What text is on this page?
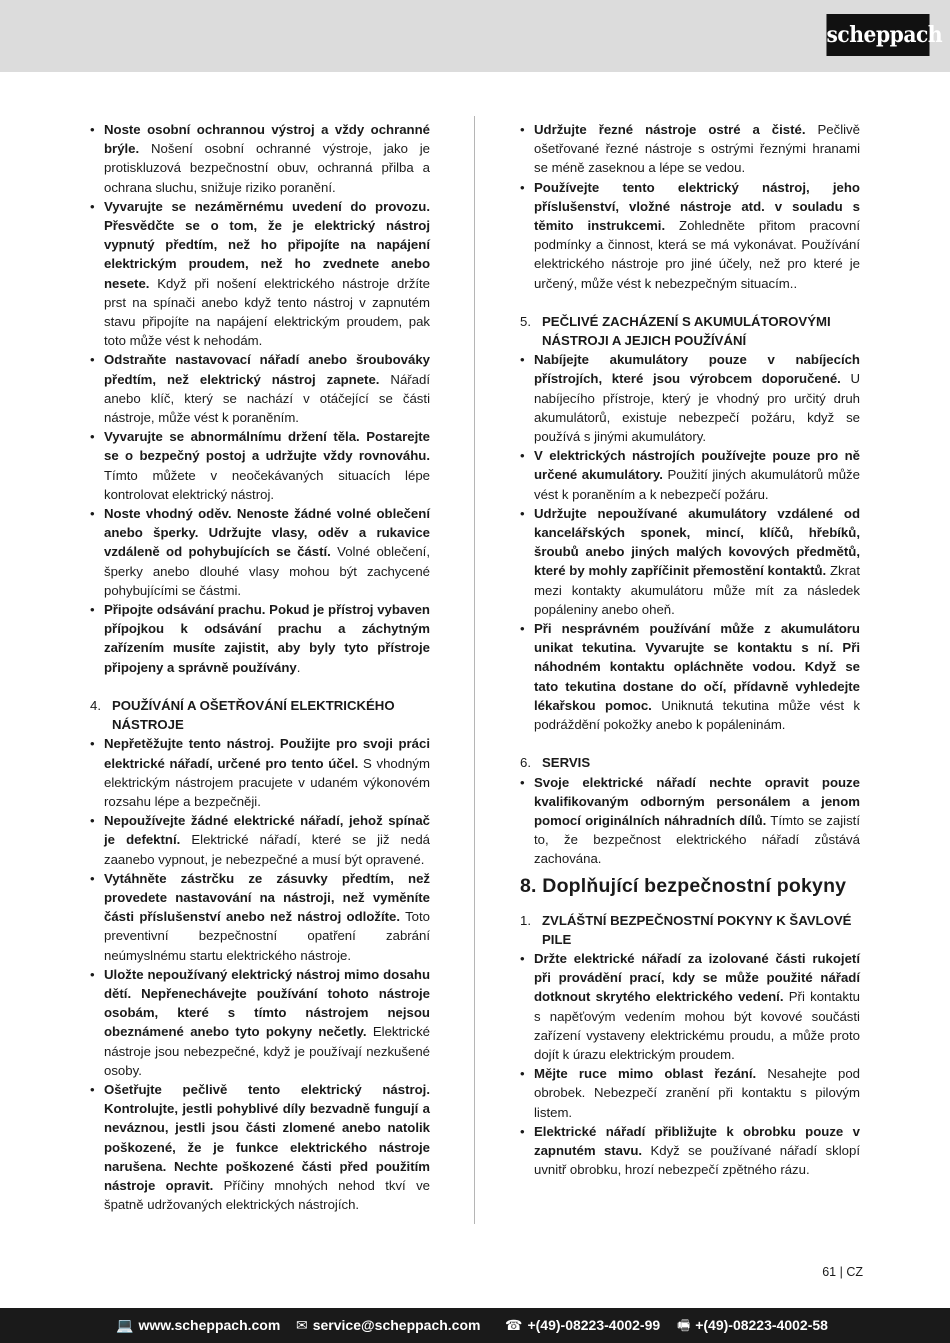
scheppach
• Noste osobní ochrannou výstroj a vždy ochranné brýle. Nošení osobní ochranné výstroje, jako je protiskluzová bezpečnostní obuv, ochranná přilba a ochrana sluchu, snižuje riziko poranění.
• Vyvarujte se nezáměrnému uvedení do provozu. Přesvědčte se o tom, že je elektrický nástroj vypnutý předtím, než ho připojíte na napájení elektrickým proudem, než ho zvednete anebo nesete. Když při nošení elektrického nástroje držíte prst na spínači anebo když tento nástroj v zapnutém stavu připojíte na napájení elektrickým proudem, pak toto může vést k nehodám.
• Odstraňte nastavovací nářadí anebo šroubováky předtím, než elektrický nástroj zapnete. Nářadí anebo klíč, který se nachází v otáčející se části nástroje, může vést k poraněním.
• Vyvarujte se abnormálnímu držení těla. Postarejte se o bezpečný postoj a udržujte vždy rovnováhu. Tímto můžete v neočekávaných situacích lépe kontrolovat elektrický nástroj.
• Noste vhodný oděv. Nenoste žádné volné oblečení anebo šperky. Udržujte vlasy, oděv a rukavice vzdáleně od pohybujících se částí. Volné oblečení, šperky anebo dlouhé vlasy mohou být zachycené pohybujícími se částmi.
• Připojte odsávání prachu. Pokud je přístroj vybaven přípojkou k odsávání prachu a záchytným zařízením musíte zajistit, aby byly tyto přístroje připojeny a správně používány.
4. POUŽÍVÁNÍ A OŠETŘOVÁNÍ ELEKTRICKÉHO NÁSTROJE
• Nepřetěžujte tento nástroj. Použijte pro svoji práci elektrické nářadí, určené pro tento účel. S vhodným elektrickým nástrojem pracujete v udaném výkonovém rozsahu lépe a bezpečněji.
• Nepoužívejte žádné elektrické nářadí, jehož spínač je defektní. Elektrické nářadí, které se již nedá zaanebo vypnout, je nebezpečné a musí být opravené.
• Vytáhněte zástrčku ze zásuvky předtím, než provedete nastavování na nástroji, než vyměníte části příslušenství anebo než nástroj odložíte. Toto preventivní bezpečnostní opatření zabrání neúmyslnému startu elektrického nástroje.
• Uložte nepoužívaný elektrický nástroj mimo dosahu dětí. Nepřenechávejte používání tohoto nástroje osobám, které s tímto nástrojem nejsou obeznámené anebo tyto pokyny nečetly. Elektrické nástroje jsou nebezpečné, když je používají nezkušené osoby.
• Ošetřujte pečlivě tento elektrický nástroj. Kontrolujte, jestli pohyblivé díly bezvadně fungují a neváznou, jestli jsou části zlomené anebo natolik poškozené, že je funkce elektrického nástroje narušena. Nechte poškozené části před použitím nástroje opravit. Příčiny mnohých nehod tkví ve špatně udržovaných elektrických nástrojích.
• Udržujte řezné nástroje ostré a čisté. Pečlivě ošetřované řezné nástroje s ostrými řeznými hranami se méně zaseknou a lépe se vedou.
• Používejte tento elektrický nástroj, jeho příslušenství, vložné nástroje atd. v souladu s těmito instrukcemi. Zohledněte přitom pracovní podmínky a činnost, která se má vykonávat. Používání elektrického nástroje pro jiné účely, než pro které je určený, může vést k nebezpečným situacím..
5. PEČLIVÉ ZACHÁZENÍ S AKUMULÁTOROVÝMI NÁSTROJI A JEJICH POUŽÍVÁNÍ
• Nabíjejte akumulátory pouze v nabíjecích přístrojích, které jsou výrobcem doporučené. U nabíjecího přístroje, který je vhodný pro určitý druh akumulátorů, existuje nebezpečí požáru, když se používá s jinými akumulátory.
• V elektrických nástrojích používejte pouze pro ně určené akumulátory. Použití jiných akumulátorů může vést k poraněním a k nebezpečí požáru.
• Udržujte nepoužívané akumulátory vzdálené od kancelářských sponek, mincí, klíčů, hřebíků, šroubů anebo jiných malých kovových předmětů, které by mohly zapříčinit přemostění kontaktů. Zkrat mezi kontakty akumulátoru může mít za následek popáleniny anebo oheň.
• Při nesprávném používání může z akumulátoru unikat tekutina. Vyvarujte se kontaktu s ní. Při náhodném kontaktu opláchněte vodou. Když se tato tekutina dostane do očí, přídavně vyhledejte lékařskou pomoc. Uniknutá tekutina může vést k podráždění pokožky anebo k popáleninám.
6. SERVIS
• Svoje elektrické nářadí nechte opravit pouze kvalifikovaným odborným personálem a jenom pomocí originálních náhradních dílů. Tímto se zajistí to, že bezpečnost elektrického nářadí zůstává zachována.
8. Doplňující bezpečnostní pokyny
1. ZVLÁŠTNÍ BEZPEČNOSTNÍ POKYNY K ŠAVLOVÉ PILE
• Držte elektrické nářadí za izolované části rukojetí při provádění prací, kdy se může použité nářadí dotknout skrytého elektrického vedení. Při kontaktu s napěťovým vedením mohou být kovové součásti zařízení vystaveny elektrickému proudu, a může proto dojít k úrazu elektrickým proudem.
• Mějte ruce mimo oblast řezání. Nesahejte pod obrobek. Nebezpečí zranění při kontaktu s pilovým listem.
• Elektrické nářadí přibližujte k obrobku pouze v zapnutém stavu. Když se používané nářadí sklopí uvnitř obrobku, hrozí nebezpečí zpětného rázu.
61 | CZ
💻 www.scheppach.com ✉ service@scheppach.com ☎ +(49)-08223-4002-99 🖷 +(49)-08223-4002-58
